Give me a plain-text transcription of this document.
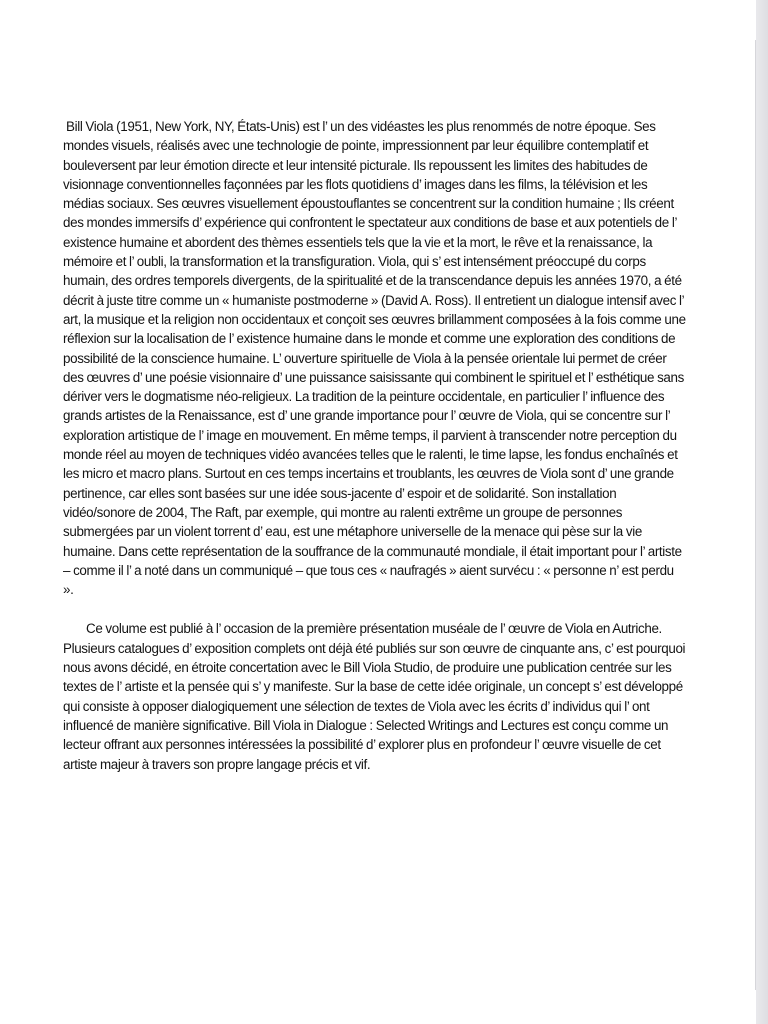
Bill Viola (1951, New York, NY, États-Unis) est l’ un des vidéastes les plus renommés de notre époque. Ses mondes visuels, réalisés avec une technologie de pointe, impressionnent par leur équilibre contemplatif et bouleversent par leur émotion directe et leur intensité picturale. Ils repoussent les limites des habitudes de visionnage conventionnelles façonnées par les flots quotidiens d’ images dans les films, la télévision et les médias sociaux. Ses œuvres visuellement époustouflantes se concentrent sur la condition humaine ; Ils créent des mondes immersifs d’ expérience qui confrontent le spectateur aux conditions de base et aux potentiels de l’ existence humaine et abordent des thèmes essentiels tels que la vie et la mort, le rêve et la renaissance, la mémoire et l’ oubli, la transformation et la transfiguration. Viola, qui s’ est intensément préoccupé du corps humain, des ordres temporels divergents, de la spiritualité et de la transcendance depuis les années 1970, a été décrit à juste titre comme un « humaniste postmoderne » (David A. Ross). Il entretient un dialogue intensif avec l’ art, la musique et la religion non occidentaux et conçoit ses œuvres brillamment composées à la fois comme une réflexion sur la localisation de l’ existence humaine dans le monde et comme une exploration des conditions de possibilité de la conscience humaine. L’ ouverture spirituelle de Viola à la pensée orientale lui permet de créer des œuvres d’ une poésie visionnaire d’ une puissance saisissante qui combinent le spirituel et l’ esthétique sans dériver vers le dogmatisme néo-religieux. La tradition de la peinture occidentale, en particulier l’ influence des grands artistes de la Renaissance, est d’ une grande importance pour l’ œuvre de Viola, qui se concentre sur l’ exploration artistique de l’ image en mouvement. En même temps, il parvient à transcender notre perception du monde réel au moyen de techniques vidéo avancées telles que le ralenti, le time lapse, les fondus enchaînés et les micro et macro plans. Surtout en ces temps incertains et troublants, les œuvres de Viola sont d’ une grande pertinence, car elles sont basées sur une idée sous-jacente d’ espoir et de solidarité. Son installation vidéo/sonore de 2004, The Raft, par exemple, qui montre au ralenti extrême un groupe de personnes submergées par un violent torrent d’ eau, est une métaphore universelle de la menace qui pèse sur la vie humaine. Dans cette représentation de la souffrance de la communauté mondiale, il était important pour l’ artiste – comme il l’ a noté dans un communiqué – que tous ces « naufragés » aient survécu : « personne n’ est perdu ».

Ce volume est publié à l’ occasion de la première présentation muséale de l’ œuvre de Viola en Autriche. Plusieurs catalogues d’ exposition complets ont déjà été publiés sur son œuvre de cinquante ans, c’ est pourquoi nous avons décidé, en étroite concertation avec le Bill Viola Studio, de produire une publication centrée sur les textes de l’ artiste et la pensée qui s’ y manifeste. Sur la base de cette idée originale, un concept s’ est développé qui consiste à opposer dialogiquement une sélection de textes de Viola avec les écrits d’ individus qui l’ ont influencé de manière significative. Bill Viola in Dialogue : Selected Writings and Lectures est conçu comme un lecteur offrant aux personnes intéressées la possibilité d’ explorer plus en profondeur l’ œuvre visuelle de cet artiste majeur à travers son propre langage précis et vif.
